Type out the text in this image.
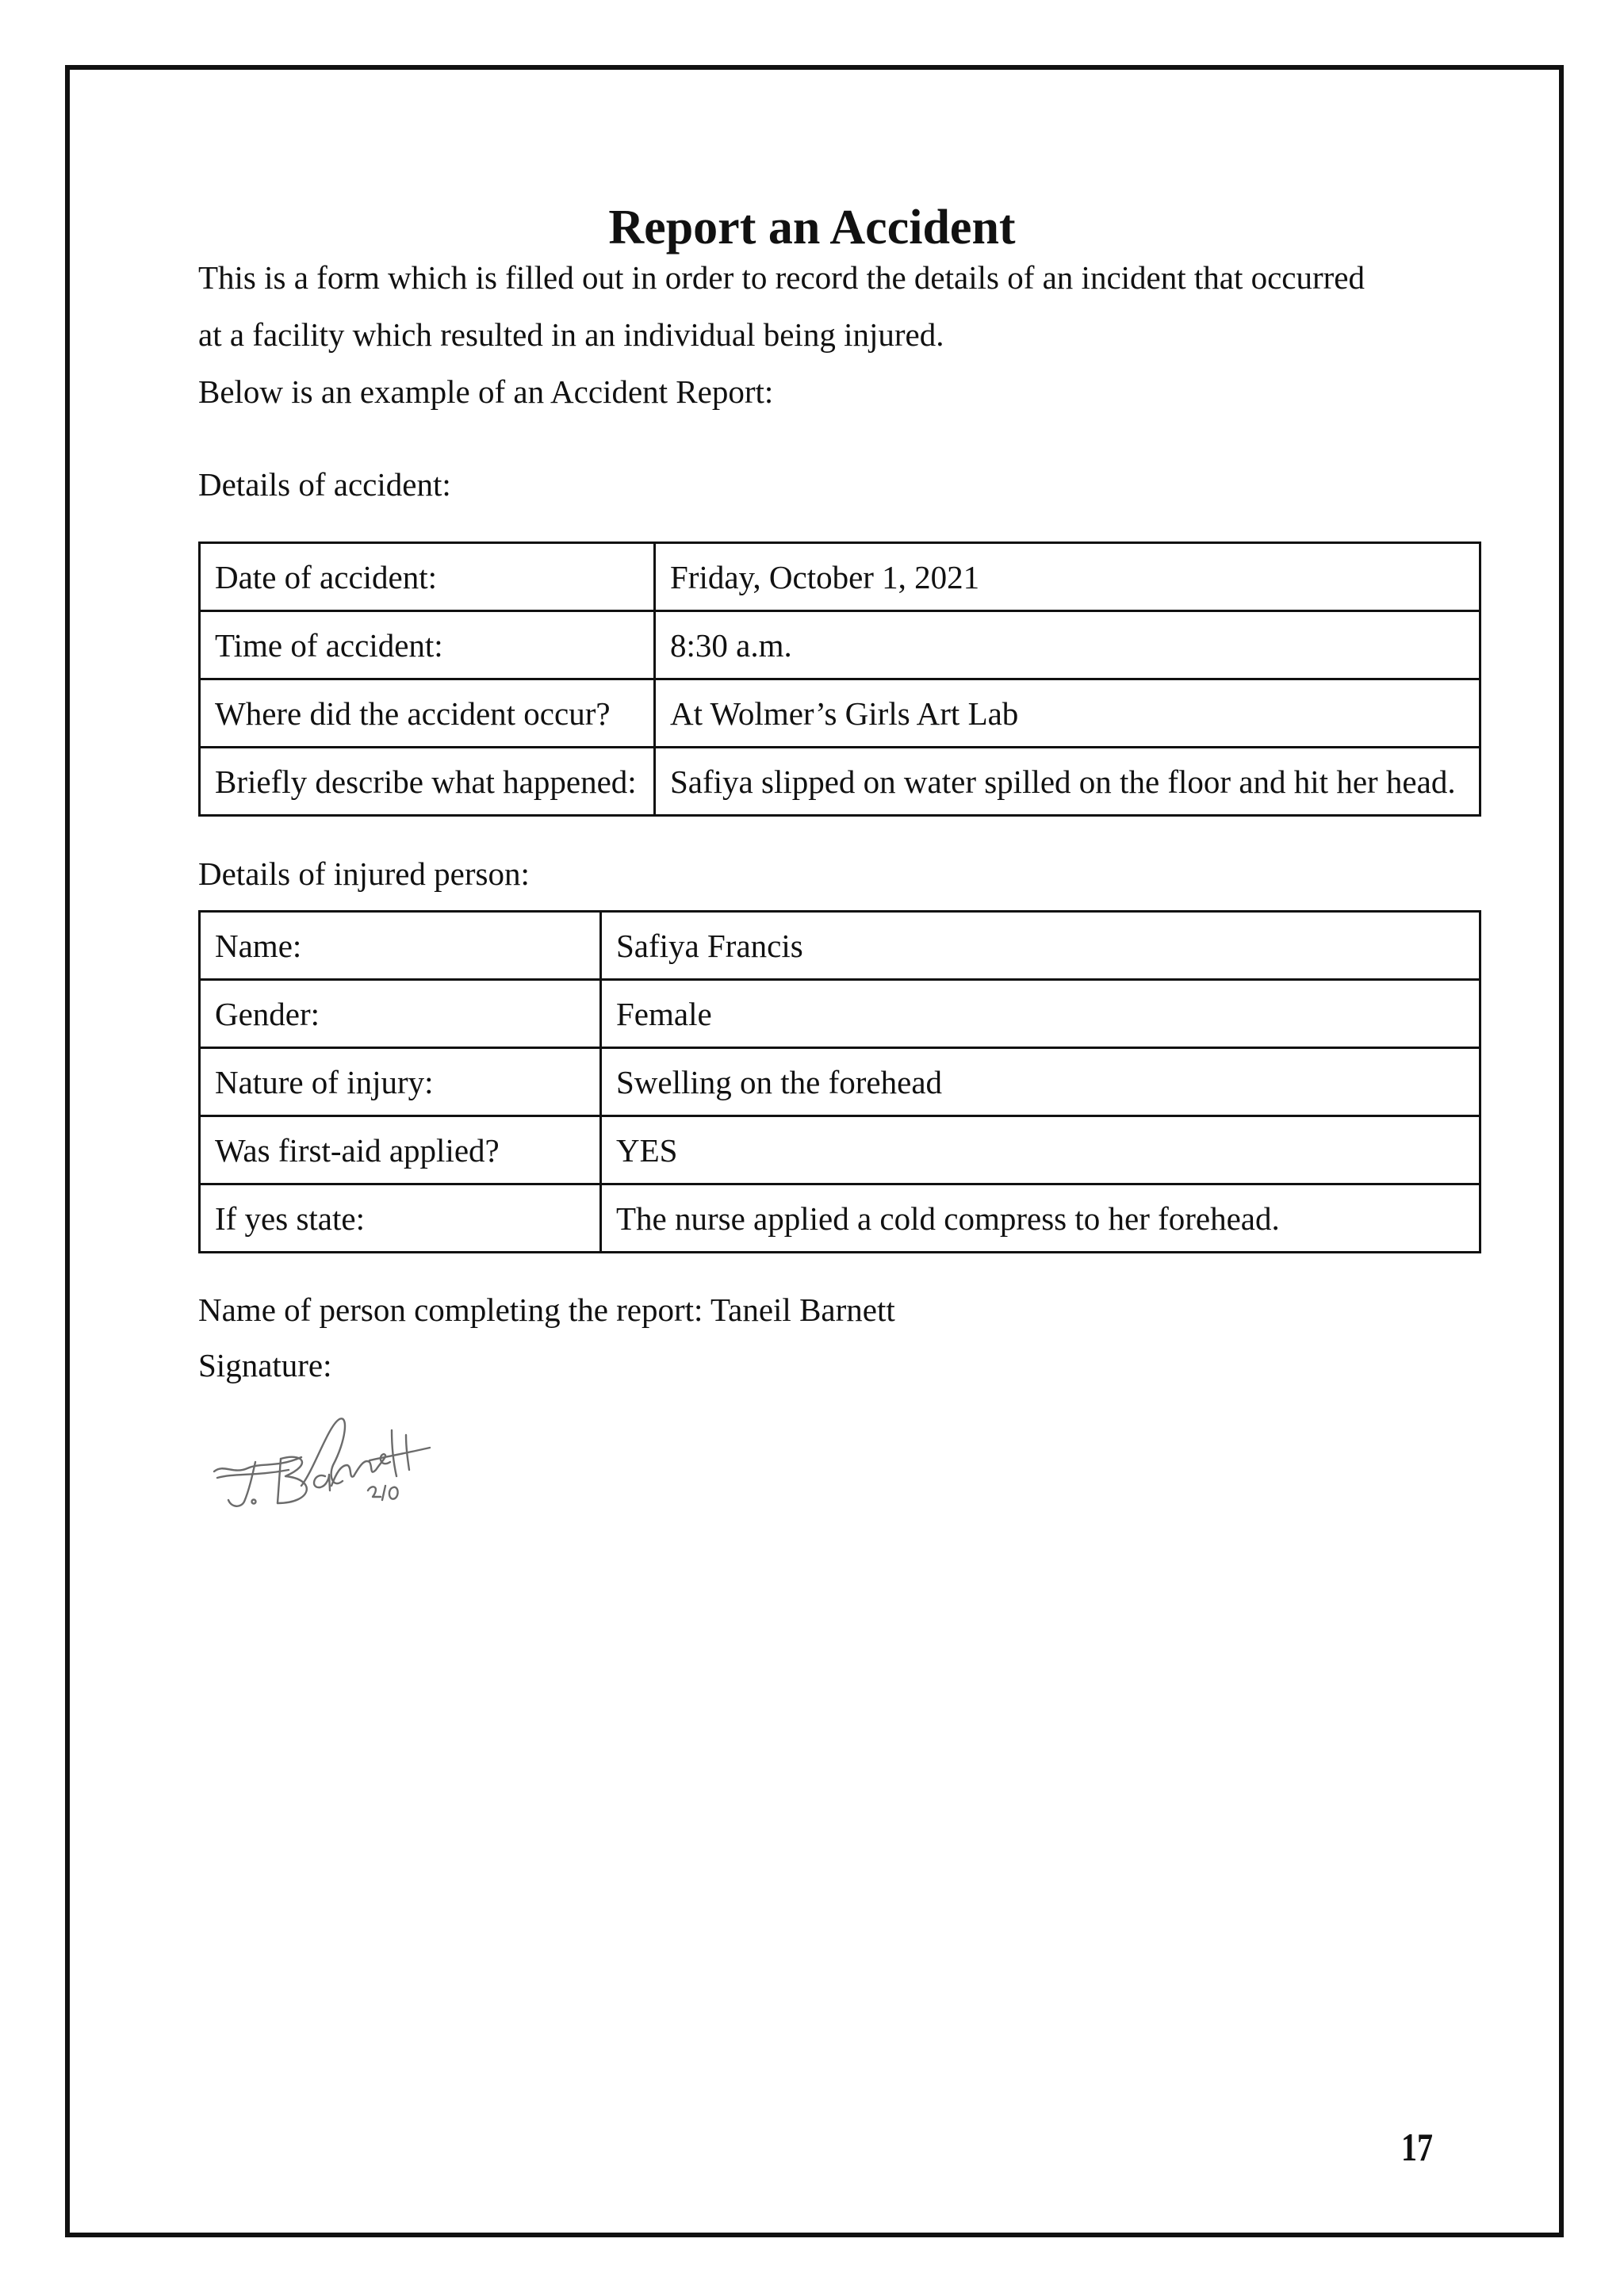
Report an Accident
This is a form which is filled out in order to record the details of an incident that occurred
at a facility which resulted in an individual being injured.
Below is an example of an Accident Report:
Details of accident:
Date of accident:	Friday, October 1, 2021
Time of accident:	8:30 a.m.
Where did the accident occur?	At Wolmer’s Girls Art Lab
Briefly describe what happened:	Safiya slipped on water spilled on the floor and hit her head.
Details of injured person:
Name:	Safiya Francis
Gender:	Female
Nature of injury:	Swelling on the forehead
Was first-aid applied?	YES
If yes state:	The nurse applied a cold compress to her forehead.
Name of person completing the report: Taneil Barnett
Signature:
17
